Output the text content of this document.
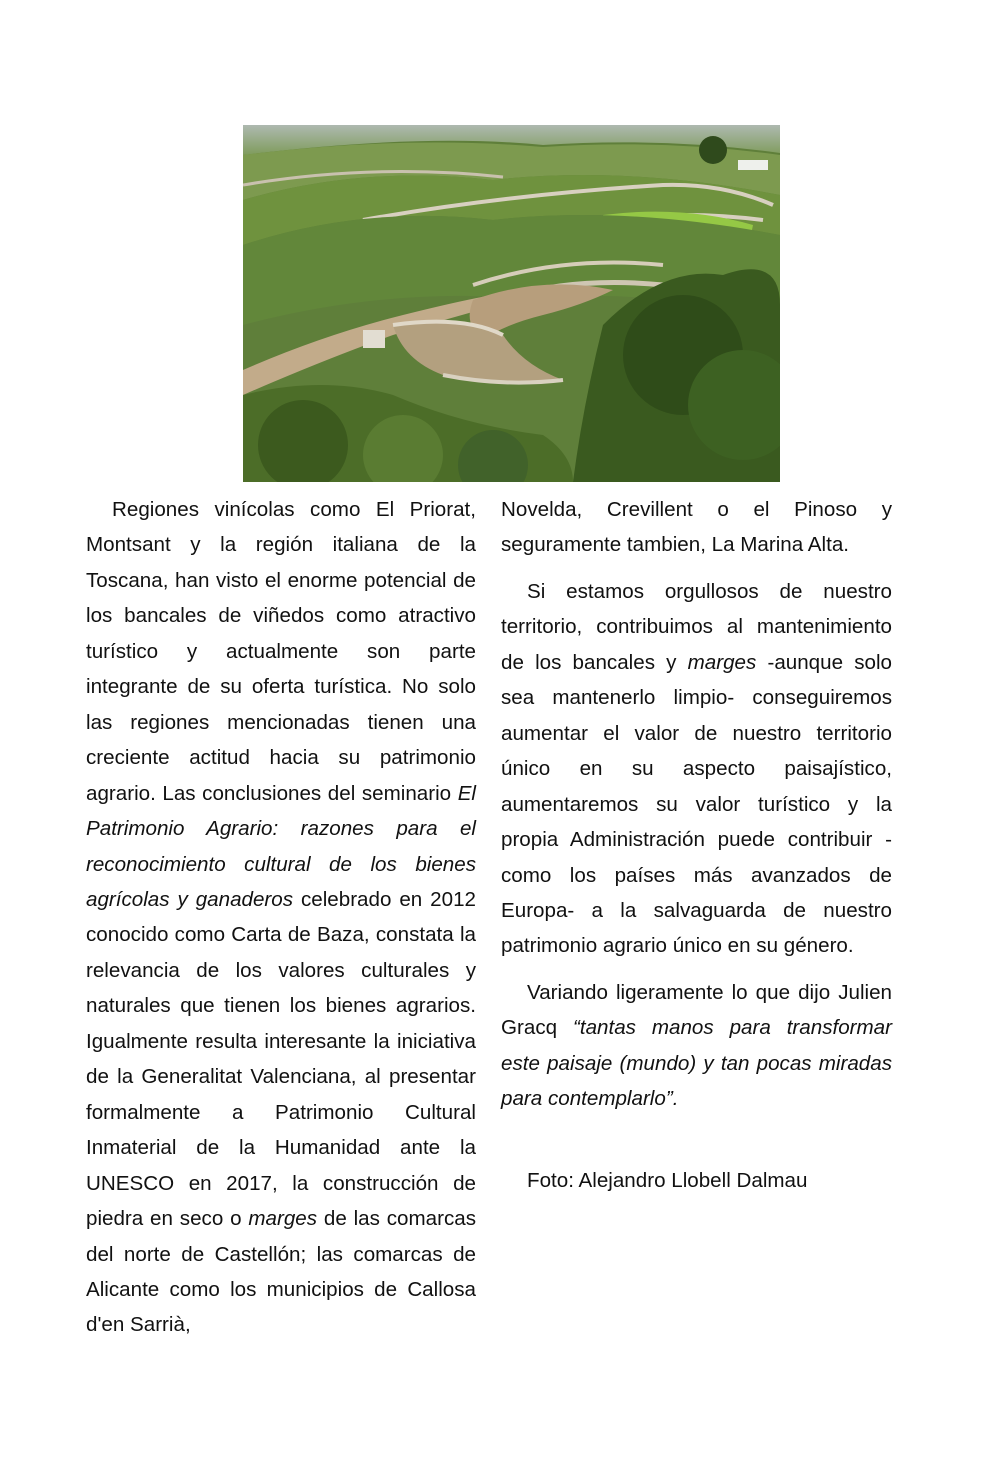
Regiones vinícolas como El Priorat, Montsant y la región italiana de la Toscana, han visto el enorme potencial de los bancales de viñedos como atractivo turístico y actualmente son parte integrante de su oferta turística. No solo las regiones mencionadas tienen una creciente actitud hacia su patrimonio agrario. Las conclusiones del seminario El Patrimonio Agrario: razones para el reconocimiento cultural de los bienes agrícolas y ganaderos celebrado en 2012 conocido como Carta de Baza, constata la relevancia de los valores culturales y naturales que tienen los bienes agrarios. Igualmente resulta interesante la iniciativa de la Generalitat Valenciana, al presentar formalmente a Patrimonio Cultural Inmaterial de la Humanidad ante la UNESCO en 2017, la construcción de piedra en seco o marges de las comarcas del norte de Castellón; las comarcas de Alicante como los municipios de Callosa d'en Sarrià,

Novelda, Crevillent o el Pinoso y seguramente tambien, La Marina Alta.

Si estamos orgullosos de nuestro territorio, contribuimos al mantenimiento de los bancales y marges -aunque solo sea mantenerlo limpio- conseguiremos aumentar el valor de nuestro territorio único en su aspecto paisajístico, aumentaremos su valor turístico y la propia Administración puede contribuir -como los países más avanzados de Europa- a la salvaguarda de nuestro patrimonio agrario único en su género.

Variando ligeramente lo que dijo Julien Gracq “tantas manos para transformar este paisaje (mundo) y tan pocas miradas para contemplarlo”.

Foto: Alejandro Llobell Dalmau
